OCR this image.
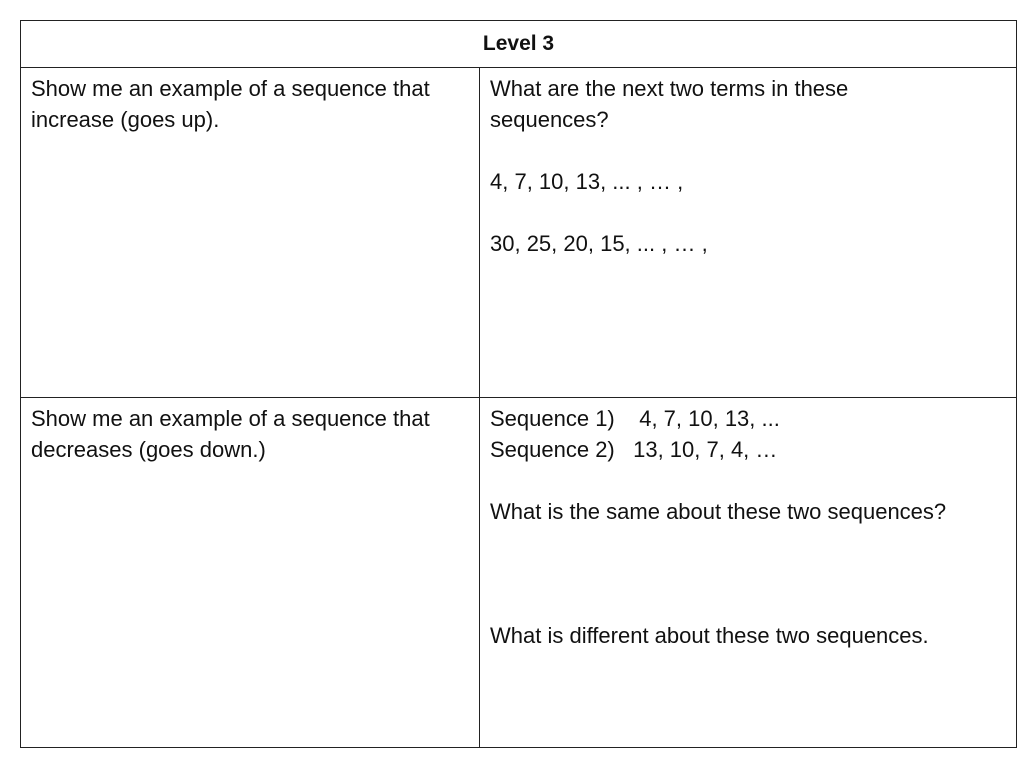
Level 3	

Show me an example of a sequence that
increase (goes up).	What are the next two terms in these
sequences?
4, 7, 10, 13, ... , … ,
30, 25, 20, 15, ... , … ,

Show me an example of a sequence that
decreases (goes down.)	Sequence 1)    4, 7, 10, 13, ...
Sequence 2)   13, 10, 7, 4, …
What is the same about these two sequences?
What is different about these two sequences.
